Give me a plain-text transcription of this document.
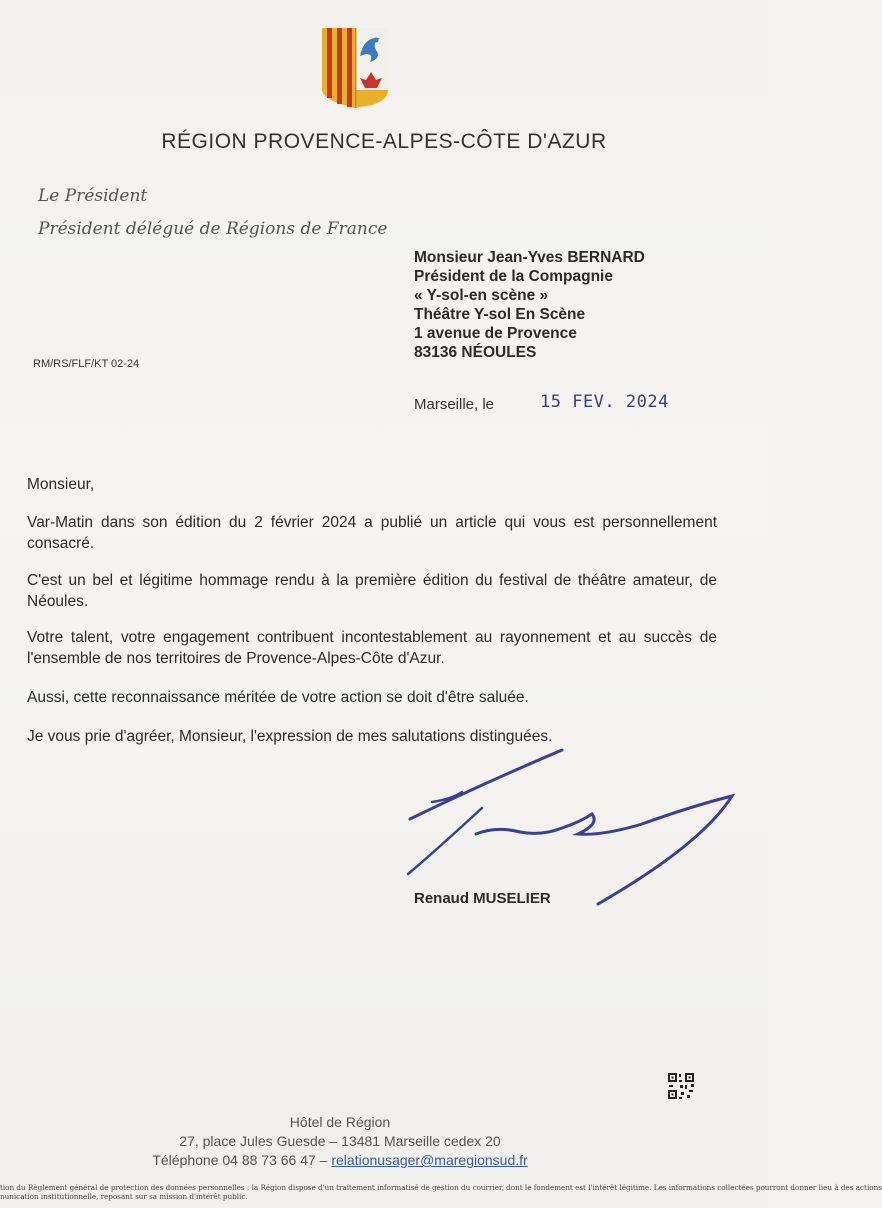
RÉGION PROVENCE-ALPES-CÔTE D'AZUR
Le Président
Président délégué de Régions de France
Monsieur Jean-Yves BERNARD
Président de la Compagnie
« Y-sol-en scène »
Théâtre Y-sol En Scène
1 avenue de Provence
83136 NÉOULES
RM/RS/FLF/KT 02-24
Marseille, le	15 FEV. 2024

Monsieur,

Var-Matin dans son édition du 2 février 2024 a publié un article qui vous est personnellement consacré.

C'est un bel et légitime hommage rendu à la première édition du festival de théâtre amateur, de Néoules.

Votre talent, votre engagement contribuent incontestablement au rayonnement et au succès de l'ensemble de nos territoires de Provence-Alpes-Côte d'Azur.

Aussi, cette reconnaissance méritée de votre action se doit d'être saluée.

Je vous prie d'agréer, Monsieur, l'expression de mes salutations distinguées.

Renaud MUSELIER
Hôtel de Région
27, place Jules Guesde – 13481 Marseille cedex 20
Téléphone 04 88 73 66 47 – relationusager@maregionsud.fr
tion du Règlement général de protection des données personnelles : la Région dispose d'un traitement informatisé de gestion du courrier, dont le fondement est l'intérêt légitime. Les informations collectées pourront donner lieu à des actions
nunication institutionnelle, reposant sur sa mission d'intérêt public.
